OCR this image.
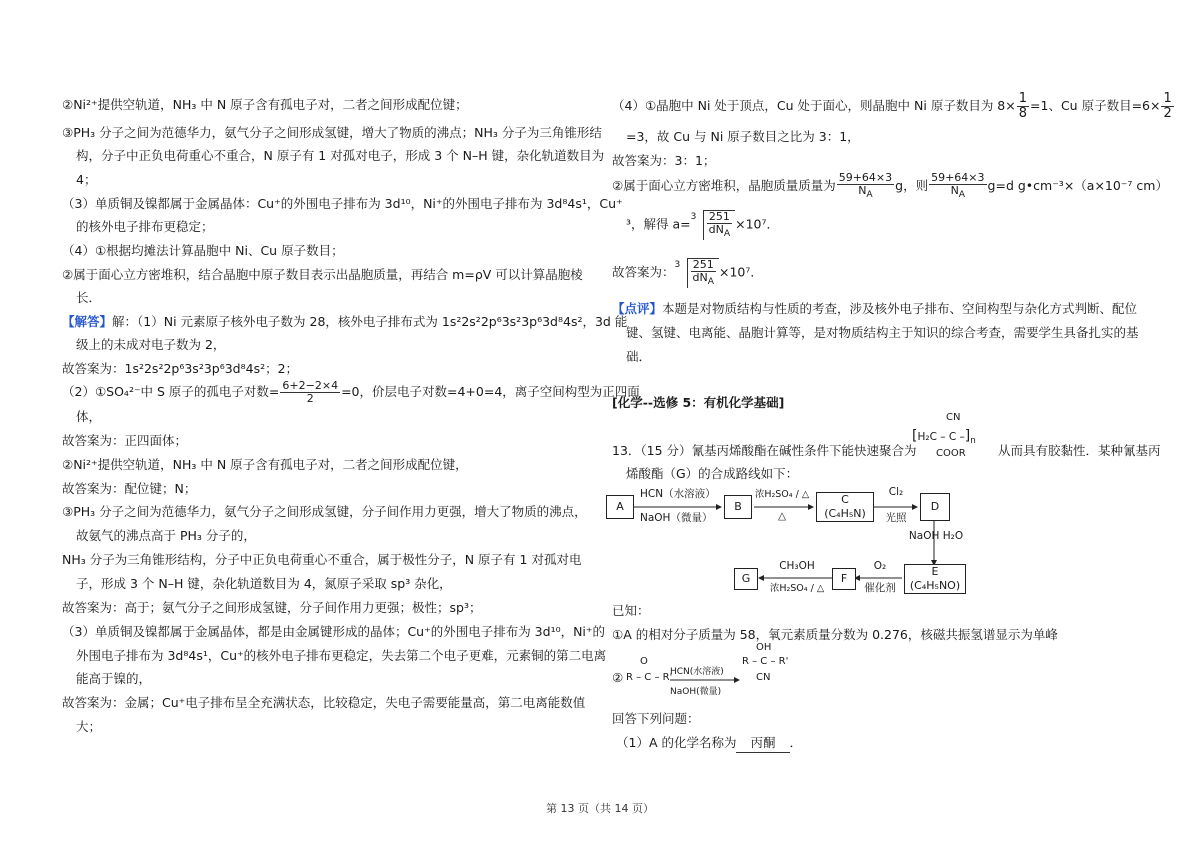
②Ni²⁺提供空轨道，NH₃ 中 N 原子含有孤电子对，二者之间形成配位键；
③PH₃ 分子之间为范德华力，氨气分子之间形成氢键，增大了物质的沸点；NH₃ 分子为三角锥形结
构，分子中正负电荷重心不重合，N 原子有 1 对孤对电子，形成 3 个 N–H 键，杂化轨道数目为
4；
（3）单质铜及镍都属于金属晶体：Cu⁺的外围电子排布为 3d¹⁰，Ni⁺的外围电子排布为 3d⁸4s¹，Cu⁺
的核外电子排布更稳定；
（4）①根据均摊法计算晶胞中 Ni、Cu 原子数目；
②属于面心立方密堆积，结合晶胞中原子数目表示出晶胞质量，再结合 m=ρV 可以计算晶胞棱
长．
【解答】解：（1）Ni 元素原子核外电子数为 28，核外电子排布式为 1s²2s²2p⁶3s²3p⁶3d⁸4s²，3d 能
级上的未成对电子数为 2，
故答案为：1s²2s²2p⁶3s²3p⁶3d⁸4s²；2；
（2）①SO₄²⁻中 S 原子的孤电子对数= $\frac{6+2-2\times 4}{2} =0$，价层电子对数=4+0=4，离子空间构型为正四面
体，
故答案为：正四面体；
②Ni²⁺提供空轨道，NH₃ 中 N 原子含有孤电子对，二者之间形成配位键，
故答案为：配位键；N；
③PH₃ 分子之间为范德华力，氨气分子之间形成氢键，分子间作用力更强，增大了物质的沸点，
故氨气的沸点高于 PH₃ 分子的，
NH₃ 分子为三角锥形结构，分子中正负电荷重心不重合，属于极性分子，N 原子有 1 对孤对电
子，形成 3 个 N–H 键，杂化轨道数目为 4，氮原子采取 sp³ 杂化，
故答案为：高于；氨气分子之间形成氢键，分子间作用力更强；极性；sp³；
（3）单质铜及镍都属于金属晶体，都是由金属键形成的晶体；Cu⁺的外围电子排布为 3d¹⁰，Ni⁺的
外围电子排布为 3d⁸4s¹，Cu⁺的核外电子排布更稳定，失去第二个电子更难，元素铜的第二电离
能高于镍的，
故答案为：金属；Cu⁺电子排布呈全充满状态，比较稳定，失电子需要能量高，第二电离能数值
大；
（4）①晶胞中 Ni 处于顶点，Cu 处于面心，则晶胞中 Ni 原子数目为 $8\times \frac{1}{8} =1$、Cu 原子数目$=6\times \frac{1}{2}$
=3，故 Cu 与 Ni 原子数目之比为 3：1，
故答案为：3：1；
②属于面心立方密堆积，晶胞质量质量为 $\frac{59+64\times 3}{N_A}$ g，则 $\frac{59+64\times 3}{N_A} g=d$ g•cm⁻³×（a×10⁻⁷ cm）
³，解得 $a= 3 \frac{251}{dN_A} \times 10^7$．
故答案为： $3 \frac{251}{dN_A} \times 10^7$．
【点评】本题是对物质结构与性质的考查，涉及核外电子排布、空间构型与杂化方式判断、配位
键、氢键、电离能、晶胞计算等，是对物质结构主于知识的综合考查，需要学生具备扎实的基
础．
[化学--选修 5：有机化学基础]
13．（15 分）氰基丙烯酸酯在碱性条件下能快速聚合为
CN
[H₂C – C $-]_n$
COOR	从而具有胶黏性．某种氰基丙
烯酸酯（G）的合成路线如下：
已知：
①A 的相对分子质量为 58，氧元素质量分数为 0.276，核磁共振氢谱显示为单峰
②
O
R – C – R'
HCN(水溶液)
NaOH(微量)
OH
R – C – R'
CN
回答下列问题：
（1）A 的化学名称为 丙酮 ．
A
HCN（水溶液）
NaOH（微量）
B
浓H₂SO₄ / △
△
C
(C₄H₅N)
Cl₂
光照
D
NaOH H₂O
E
(C₄H₅NO)
O₂
催化剂
F
CH₃OH
浓H₂SO₄ / △
G
第 13 页（共 14 页）
